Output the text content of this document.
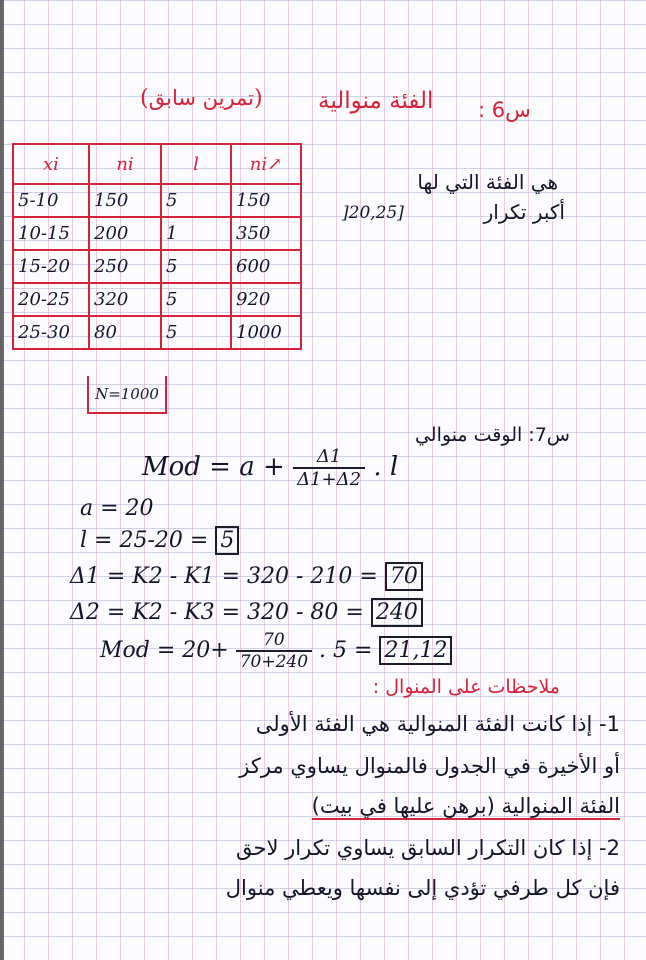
(تمرين سابق) الفئة منوالية س6 :
xi	ni	l	ni↗
5-10	150	5	150
10-15	200	1	350
15-20	250	5	600
20-25	320	5	920
25-30	80	5	1000
N=1000
هي الفئة التي لها
أكبر تكرار
]20,25]
س7: الوقت منوالي
Mod = $a + \frac{\Delta 1}{\Delta 1+\Delta 2}$ . l
a = 20
l = 25-20 = 5
Δ1 = K2 - K1 = 320 - 210 = 70
Δ2 = K2 - K3 = 320 - 80 = 240
Mod = $20+ \frac{70}{70+240}$ . 5 = 21,12
ملاحظات على المنوال :
1- إذا كانت الفئة المنوالية هي الفئة الأولى
أو الأخيرة في الجدول فالمنوال يساوي مركز
الفئة المنوالية (برهن عليها في بيت)
2- إذا كان التكرار السابق يساوي تكرار لاحق
فإن كل طرفي تؤدي إلى نفسها ويعطي منوال
